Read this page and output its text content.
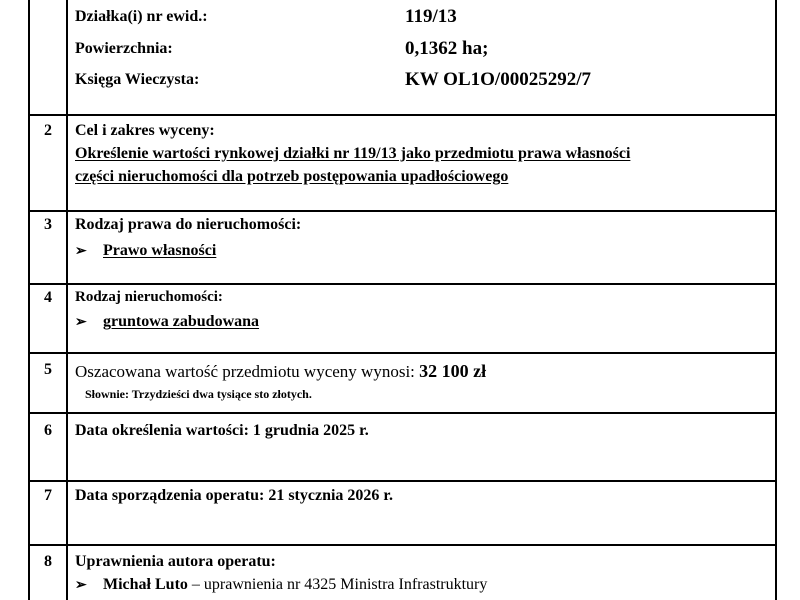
Działka(i) nr ewid.:	119/13
Powierzchnia:	0,1362 ha;
Księga Wieczysta:	KW OL1O/00025292/7
2	Cel i zakres wyceny:
Określenie wartości rynkowej działki nr 119/13 jako przedmiotu prawa własności
części nieruchomości dla potrzeb postępowania upadłościowego
3	Rodzaj prawa do nieruchomości:
➢ Prawo własności
4	Rodzaj nieruchomości:
➢ gruntowa zabudowana
5	Oszacowana wartość przedmiotu wyceny wynosi: 32 100 zł
Słownie: Trzydzieści dwa tysiące sto złotych.
6	Data określenia wartości: 1 grudnia 2025 r.
7	Data sporządzenia operatu: 21 stycznia 2026 r.
8	Uprawnienia autora operatu:
➢ Michał Luto – uprawnienia nr 4325 Ministra Infrastruktury
